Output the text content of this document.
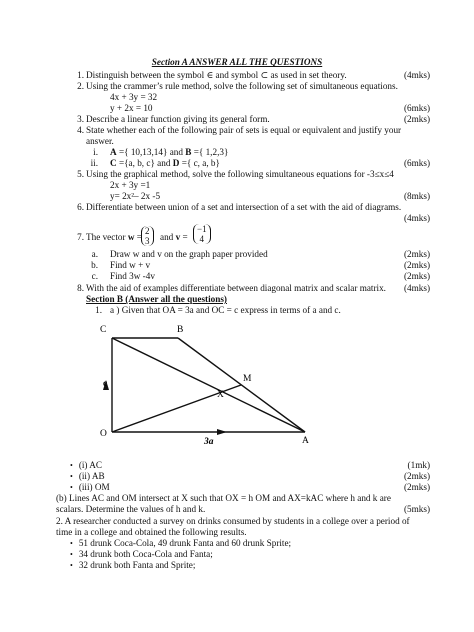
Section A ANSWER ALL THE QUESTIONS
1. Distinguish between the symbol ∈ and symbol ⊂ as used in set theory.	(4mks)
2. Using the crammer’s rule method, solve the following set of simultaneous equations.
4x + 3y = 32
y + 2x = 10	(6mks)
3. Describe a linear function giving its general form.	(2mks)
4. State whether each of the following pair of sets is equal or equivalent and justify your
answer.
i. A ={ 10,13,14} and B ={ 1,2,3}
ii. C ={a, b, c} and D ={ c, a, b}	(6mks)
5. Using the graphical method, solve the following simultaneous equations for -3≤x≤4
2x + 3y =1
y= 2x²– 2x -5	(8mks)
6. Differentiate between union of a set and intersection of a set with the aid of diagrams.
(4mks)
7. The vector w =
2
3 and v =
−1
4
a. Draw w and v on the graph paper provided	(2mks)
b. Find w + v	(2mks)
c. Find 3w -4v	(2mks)
8. With the aid of examples differentiate between diagonal matrix and scalar matrix. (4mks)
Section B (Answer all the questions)
1. a ) Given that OA = 3a and OC = c express in terms of a and c.
C	B
M
X
O
A
c
3a
•   (i) AC	(1mk)
•   (ii) AB	(2mks)
•   (iii) OM	(2mks)
(b) Lines AC and OM intersect at X such that OX = h OM and AX=kAC where h and k are
scalars. Determine the values of h and k.	(5mks)
2. A researcher conducted a survey on drinks consumed by students in a college over a period of
time in a college and obtained the following results.
•   51 drunk Coca-Cola, 49 drunk Fanta and 60 drunk Sprite;
•   34 drunk both Coca-Cola and Fanta;
•   32 drunk both Fanta and Sprite;
